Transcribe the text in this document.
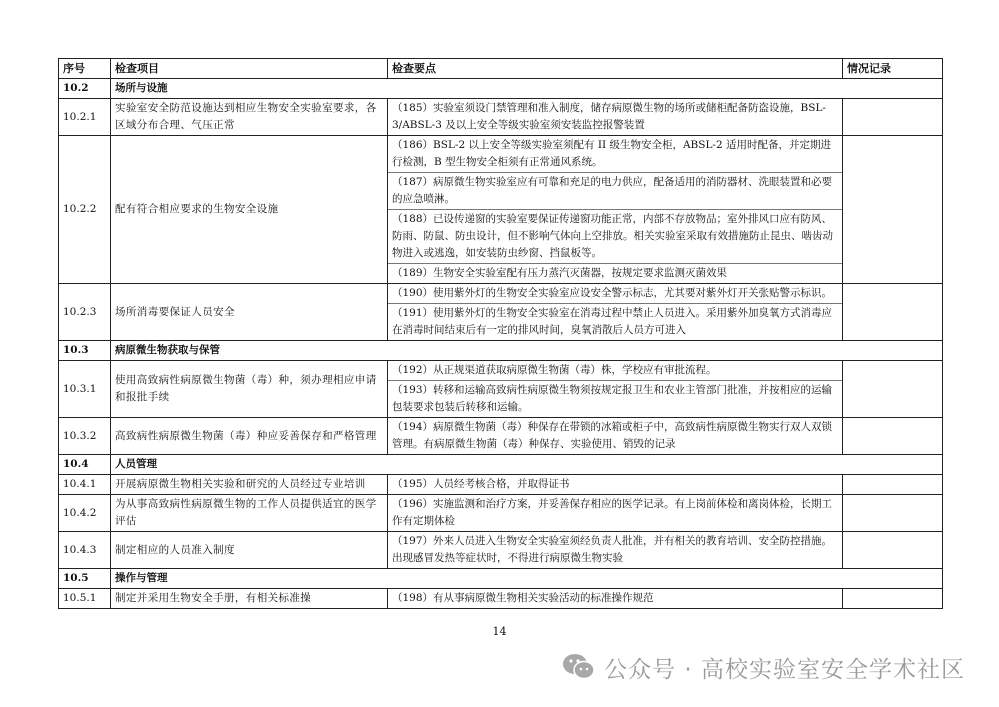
序号	检查项目	检查要点	情况记录
10.2	场所与设施		
10.2.1	实验室安全防范设施达到相应生物安全实验室要求，各区域分布合理、气压正常	（185）实验室须设门禁管理和准入制度，储存病原微生物的场所或储柜配备防盗设施，BSL-3/ABSL-3 及以上安全等级实验室须安装监控报警装置	

10.2.2	配有符合相应要求的生物安全设施	（186）BSL-2 以上安全等级实验室须配有 II 级生物安全柜，ABSL-2 适用时配备，并定期进行检测，B 型生物安全柜须有正常通风系统。
（187）病原微生物实验室应有可靠和充足的电力供应，配备适用的消防器材、洗眼装置和必要的应急喷淋。
（188）已设传递窗的实验室要保证传递窗功能正常，内部不存放物品；室外排风口应有防风、防雨、防鼠、防虫设计，但不影响气体向上空排放。相关实验室采取有效措施防止昆虫、啮齿动物进入或逃逸，如安装防虫纱窗、挡鼠板等。
（189）生物安全实验室配有压力蒸汽灭菌器，按规定要求监测灭菌效果	

10.2.3	场所消毒要保证人员安全	（190）使用紫外灯的生物安全实验室应设安全警示标志，尤其要对紫外灯开关张贴警示标识。
（191）使用紫外灯的生物安全实验室在消毒过程中禁止人员进入。采用紫外加臭氧方式消毒应在消毒时间结束后有一定的排风时间，臭氧消散后人员方可进入	

10.3	病原微生物获取与保管		
10.3.1	使用高致病性病原微生物菌（毒）种，须办理相应申请和报批手续	（192）从正规渠道获取病原微生物菌（毒）株，学校应有审批流程。
（193）转移和运输高致病性病原微生物须按规定报卫生和农业主管部门批准，并按相应的运输包装要求包装后转移和运输。	

10.3.2	高致病性病原微生物菌（毒）种应妥善保存和严格管理	（194）病原微生物菌（毒）种保存在带锁的冰箱或柜子中，高致病性病原微生物实行双人双锁管理。有病原微生物菌（毒）种保存、实验使用、销毁的记录	

10.4	人员管理		
10.4.1	开展病原微生物相关实验和研究的人员经过专业培训	（195）人员经考核合格，并取得证书	

10.4.2	为从事高致病性病原微生物的工作人员提供适宜的医学评估	（196）实施监测和治疗方案，并妥善保存相应的医学记录。有上岗前体检和离岗体检，长期工作有定期体检	

10.4.3	制定相应的人员准入制度	（197）外来人员进入生物安全实验室须经负责人批准，并有相关的教育培训、安全防控措施。出现感冒发热等症状时，不得进行病原微生物实验	

10.5	操作与管理		
10.5.1	制定并采用生物安全手册，有相关标准操	（198）有从事病原微生物相关实验活动的标准操作规范	

14
公众号 · 高校实验室安全学术社区
